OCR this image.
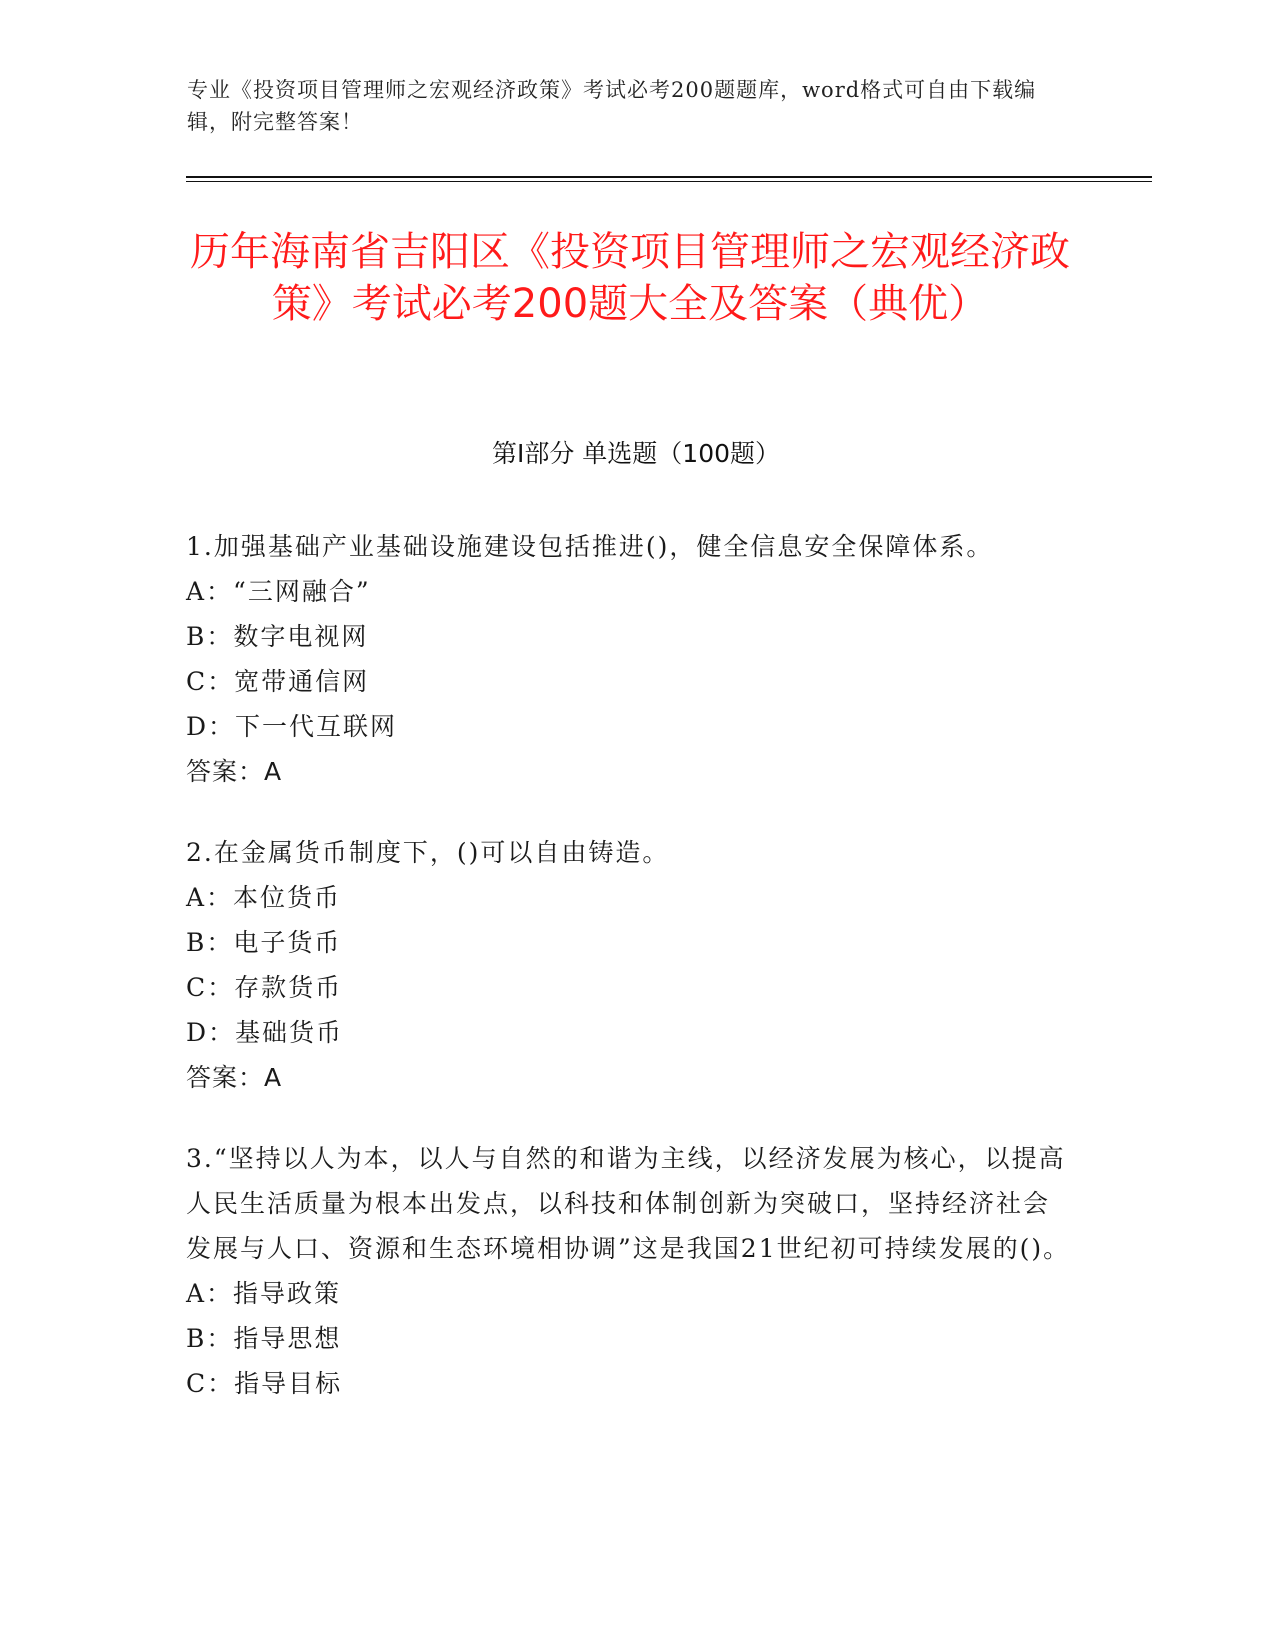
专业《投资项目管理师之宏观经济政策》考试必考200题题库，word格式可自由下载编辑，附完整答案！
历年海南省吉阳区《投资项目管理师之宏观经济政策》考试必考200题大全及答案（典优）
第Ⅰ部分 单选题（100题）
1.加强基础产业基础设施建设包括推进()，健全信息安全保障体系。
A：“三网融合”
B：数字电视网
C：宽带通信网
D：下一代互联网
答案：A
2.在金属货币制度下，()可以自由铸造。
A：本位货币
B：电子货币
C：存款货币
D：基础货币
答案：A
3.“坚持以人为本，以人与自然的和谐为主线，以经济发展为核心，以提高人民生活质量为根本出发点，以科技和体制创新为突破口，坚持经济社会发展与人口、资源和生态环境相协调”这是我国21世纪初可持续发展的()。
A：指导政策
B：指导思想
C：指导目标
